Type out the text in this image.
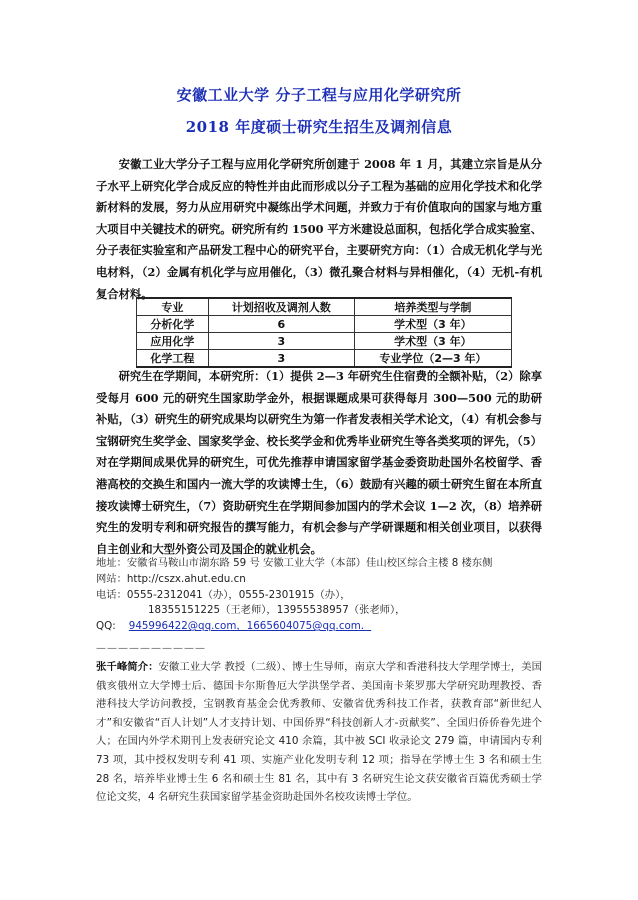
安徽工业大学 分子工程与应用化学研究所
2018 年度硕士研究生招生及调剂信息

安徽工业大学分子工程与应用化学研究所创建于 2008 年 1 月，其建立宗旨是从分子水平上研究化学合成反应的特性并由此而形成以分子工程为基础的应用化学技术和化学新材料的发展，努力从应用研究中凝练出学术问题，并致力于有价值取向的国家与地方重大项目中关键技术的研究。研究所有约 1500 平方米建设总面积，包括化学合成实验室、分子表征实验室和产品研发工程中心的研究平台，主要研究方向：（1）合成无机化学与光电材料，（2）金属有机化学与应用催化，（3）微孔聚合材料与异相催化，（4）无机-有机复合材料。

专业	计划招收及调剂人数	培养类型与学制
分析化学	6	学术型（3 年）
应用化学	3	学术型（3 年）
化学工程	3	专业学位（2—3 年）

研究生在学期间，本研究所：（1）提供 2—3 年研究生住宿费的全额补贴，（2）除享受每月 600 元的研究生国家助学金外，根据课题成果可获得每月 300—500 元的助研补贴，（3）研究生的研究成果均以研究生为第一作者发表相关学术论文，（4）有机会参与宝钢研究生奖学金、国家奖学金、校长奖学金和优秀毕业研究生等各类奖项的评先，（5）对在学期间成果优异的研究生，可优先推荐申请国家留学基金委资助赴国外名校留学、香港高校的交换生和国内一流大学的攻读博士生，（6）鼓励有兴趣的硕士研究生留在本所直接攻读博士研究生，（7）资助研究生在学期间参加国内的学术会议 1—2 次，（8）培养研究生的发明专利和研究报告的撰写能力，有机会参与产学研课题和相关创业项目，以获得自主创业和大型外资公司及国企的就业机会。

地址：安徽省马鞍山市湖东路 59 号 安徽工业大学（本部）佳山校区综合主楼 8 楼东侧
网站：http://cszx.ahut.edu.cn
电话：0555-2312041（办），0555-2301915（办），
18355151225（王老师），13955538957（张老师），
QQ: 945996422@qq.com，1665604075@qq.com．
——————————

张千峰简介：安徽工业大学 教授（二级）、博士生导师，南京大学和香港科技大学理学博士，美国俄亥俄州立大学博士后、德国卡尔斯鲁厄大学洪堡学者、美国南卡莱罗那大学研究助理教授、香港科技大学访问教授，宝钢教育基金会优秀教师、安徽省优秀科技工作者，获教育部“新世纪人才”和安徽省“百人计划”人才支持计划、中国侨界“科技创新人才-贡献奖”、全国归侨侨眷先进个人；在国内外学术期刊上发表研究论文 410 余篇，其中被 SCI 收录论文 279 篇，申请国内专利 73 项，其中授权发明专利 41 项、实施产业化发明专利 12 项；指导在学博士生 3 名和硕士生 28 名，培养毕业博士生 6 名和硕士生 81 名，其中有 3 名研究生论文获安徽省百篇优秀硕士学位论文奖，4 名研究生获国家留学基金资助赴国外名校攻读博士学位。
